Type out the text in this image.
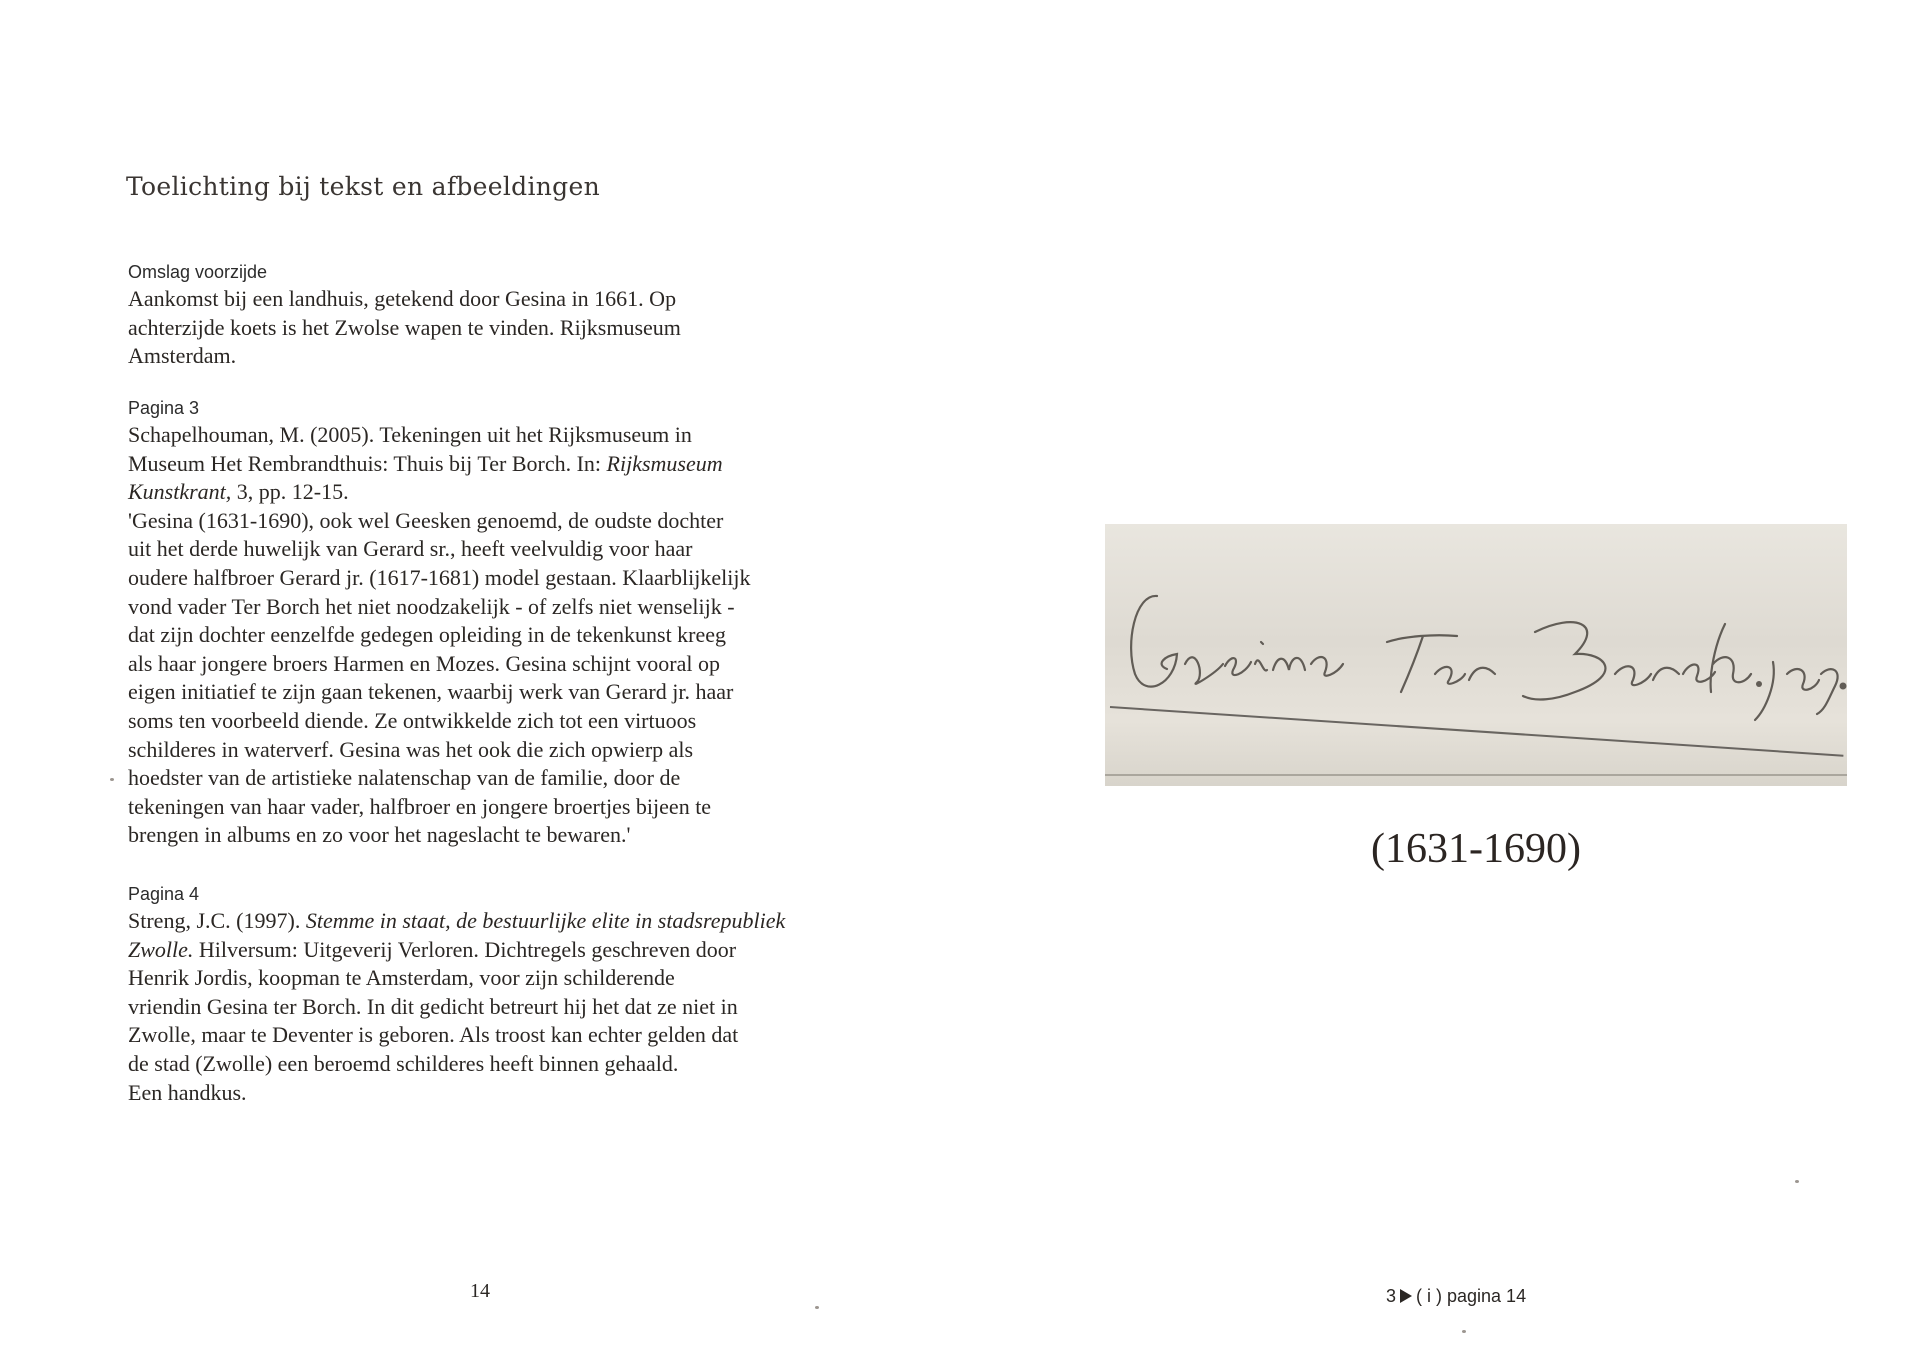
Toelichting bij tekst en afbeeldingen

Omslag voorzijde

Aankomst bij een landhuis, getekend door Gesina in 1661. Op

achterzijde koets is het Zwolse wapen te vinden. Rijksmuseum

Amsterdam.

Pagina 3

Schapelhouman, M. (2005). Tekeningen uit het Rijksmuseum in

Museum Het Rembrandthuis: Thuis bij Ter Borch. In: Rijksmuseum

Kunstkrant, 3, pp. 12-15.

'Gesina (1631-1690), ook wel Geesken genoemd, de oudste dochter

uit het derde huwelijk van Gerard sr., heeft veelvuldig voor haar

oudere halfbroer Gerard jr. (1617-1681) model gestaan. Klaarblijkelijk

vond vader Ter Borch het niet noodzakelijk - of zelfs niet wenselijk -

dat zijn dochter eenzelfde gedegen opleiding in de tekenkunst kreeg

als haar jongere broers Harmen en Mozes. Gesina schijnt vooral op

eigen initiatief te zijn gaan tekenen, waarbij werk van Gerard jr. haar

soms ten voorbeeld diende. Ze ontwikkelde zich tot een virtuoos

schilderes in waterverf. Gesina was het ook die zich opwierp als

hoedster van de artistieke nalatenschap van de familie, door de

tekeningen van haar vader, halfbroer en jongere broertjes bijeen te

brengen in albums en zo voor het nageslacht te bewaren.'

Pagina 4

Streng, J.C. (1997). Stemme in staat, de bestuurlijke elite in stadsrepubliek

Zwolle. Hilversum: Uitgeverij Verloren. Dichtregels geschreven door

Henrik Jordis, koopman te Amsterdam, voor zijn schilderende

vriendin Gesina ter Borch. In dit gedicht betreurt hij het dat ze niet in

Zwolle, maar te Deventer is geboren. Als troost kan echter gelden dat

de stad (Zwolle) een beroemd schilderes heeft binnen gehaald.

Een handkus.

14
(1631-1690)
3 ( i ) pagina 14
